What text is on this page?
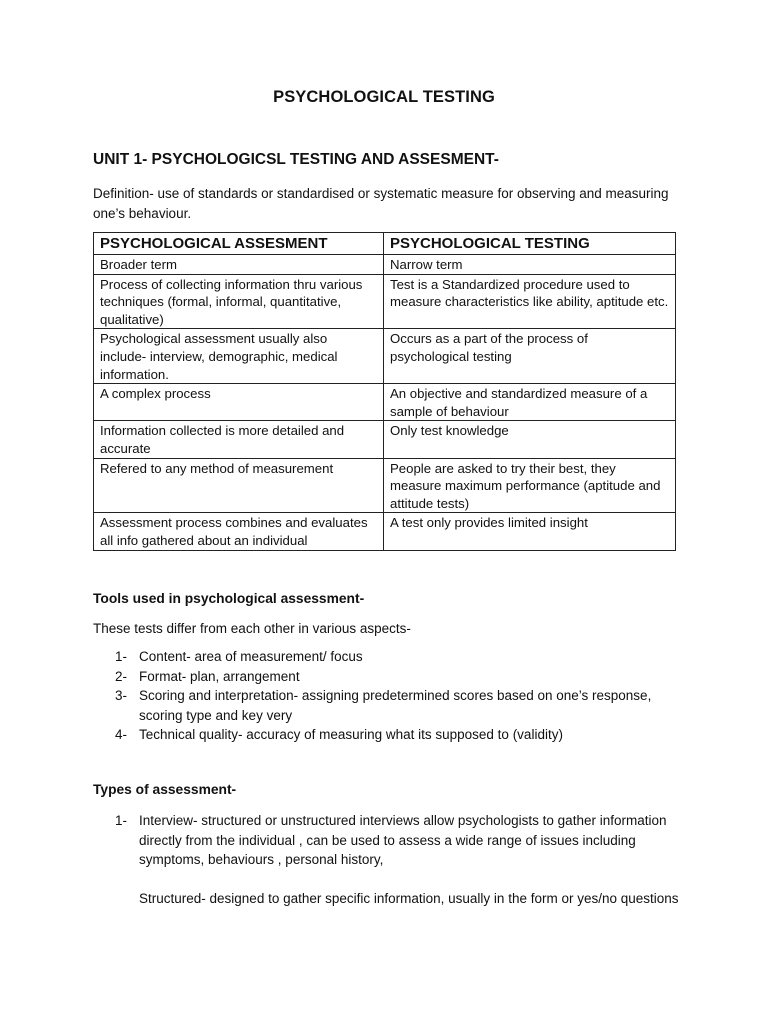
PSYCHOLOGICAL TESTING
UNIT 1- PSYCHOLOGICSL TESTING AND ASSESMENT-
Definition- use of standards or standardised or systematic measure for observing and measuring one’s behaviour.
PSYCHOLOGICAL ASSESMENT	PSYCHOLOGICAL TESTING
Broader term	Narrow term
Process of collecting information thru various techniques (formal, informal, quantitative, qualitative)	Test is a Standardized procedure used to measure characteristics like ability, aptitude etc.
Psychological assessment usually also include- interview, demographic, medical information.	Occurs as a part of the process of psychological testing
A complex process	An objective and standardized measure of a sample of behaviour
Information collected is more detailed and accurate	Only test knowledge
Refered to any method of measurement	People are asked to try their best, they measure maximum performance (aptitude and attitude tests)
Assessment process combines and evaluates all info gathered about an individual	A test only provides limited insight
Tools used in psychological assessment-
These tests differ from each other in various aspects-
1- Content- area of measurement/ focus
2- Format- plan, arrangement
3- Scoring and interpretation- assigning predetermined scores based on one’s response, scoring type and key very
4- Technical quality- accuracy of measuring what its supposed to (validity)
Types of assessment-
1- Interview- structured or unstructured interviews allow psychologists to gather information directly from the individual , can be used to assess a wide range of issues including symptoms, behaviours , personal history,
Structured- designed to gather specific information, usually in the form or yes/no questions
